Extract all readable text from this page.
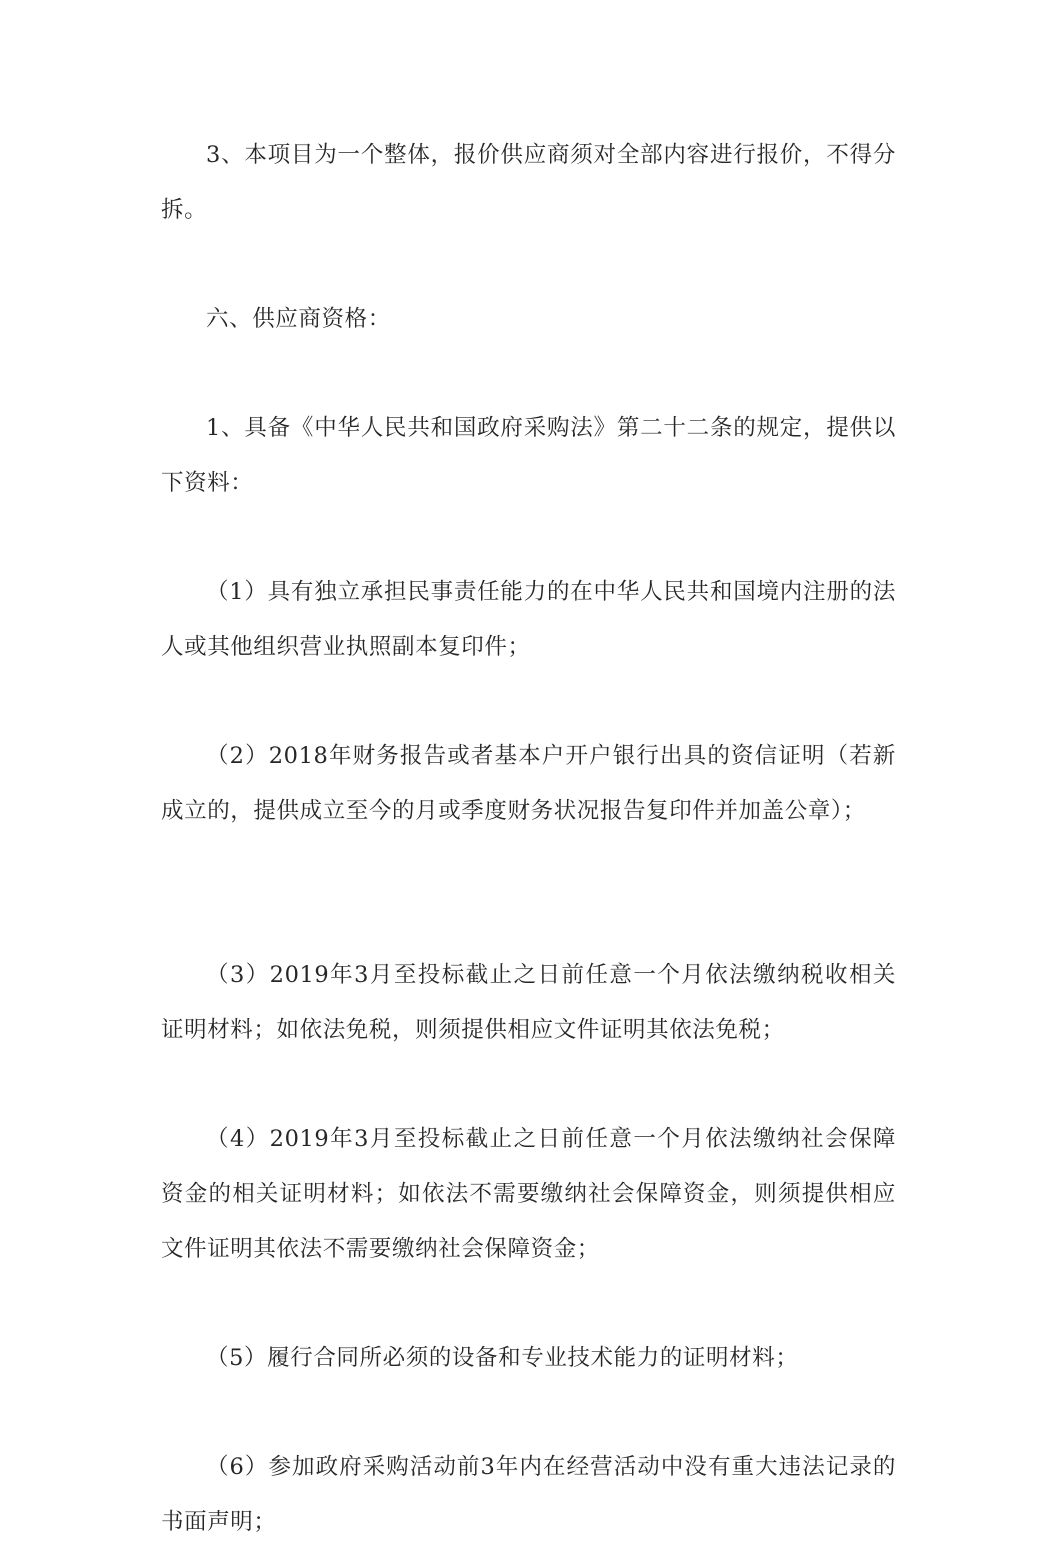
3、本项目为一个整体，报价供应商须对全部内容进行报价，不得分拆。

六、供应商资格：

1、具备《中华人民共和国政府采购法》第二十二条的规定，提供以下资料：

（1）具有独立承担民事责任能力的在中华人民共和国境内注册的法人或其他组织营业执照副本复印件；

（2）2018年财务报告或者基本户开户银行出具的资信证明（若新成立的，提供成立至今的月或季度财务状况报告复印件并加盖公章）；

（3）2019年3月至投标截止之日前任意一个月依法缴纳税收相关证明材料；如依法免税，则须提供相应文件证明其依法免税；

（4）2019年3月至投标截止之日前任意一个月依法缴纳社会保障资金的相关证明材料；如依法不需要缴纳社会保障资金，则须提供相应文件证明其依法不需要缴纳社会保障资金；

（5）履行合同所必须的设备和专业技术能力的证明材料；

（6）参加政府采购活动前3年内在经营活动中没有重大违法记录的书面声明；
